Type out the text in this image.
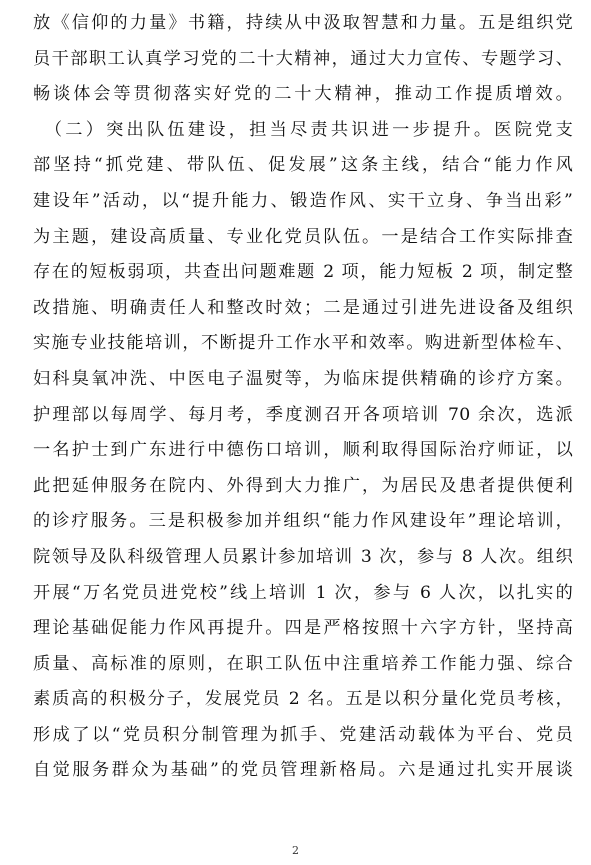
放《信仰的力量》书籍，持续从中汲取智慧和力量。五是组织党
员干部职工认真学习党的二十大精神，通过大力宣传、专题学习、
畅谈体会等贯彻落实好党的二十大精神，推动工作提质增效。
　（二）突出队伍建设，担当尽责共识进一步提升。医院党支
部坚持“抓党建、带队伍、促发展”这条主线，结合“能力作风
建设年”活动，以“提升能力、锻造作风、实干立身、争当出彩”
为主题，建设高质量、专业化党员队伍。一是结合工作实际排查
存在的短板弱项，共查出问题难题 2 项，能力短板 2 项，制定整
改措施、明确责任人和整改时效；二是通过引进先进设备及组织
实施专业技能培训，不断提升工作水平和效率。购进新型体检车、
妇科臭氧冲洗、中医电子温熨等，为临床提供精确的诊疗方案。
护理部以每周学、每月考，季度测召开各项培训 70 余次，选派
一名护士到广东进行中德伤口培训，顺利取得国际治疗师证，以
此把延伸服务在院内、外得到大力推广，为居民及患者提供便利
的诊疗服务。三是积极参加并组织“能力作风建设年”理论培训，
院领导及队科级管理人员累计参加培训 3 次，参与 8 人次。组织
开展“万名党员进党校”线上培训 1 次，参与 6 人次，以扎实的
理论基础促能力作风再提升。四是严格按照十六字方针，坚持高
质量、高标准的原则，在职工队伍中注重培养工作能力强、综合
素质高的积极分子，发展党员 2 名。五是以积分量化党员考核，
形成了以“党员积分制管理为抓手、党建活动载体为平台、党员
自觉服务群众为基础”的党员管理新格局。六是通过扎实开展谈
2
